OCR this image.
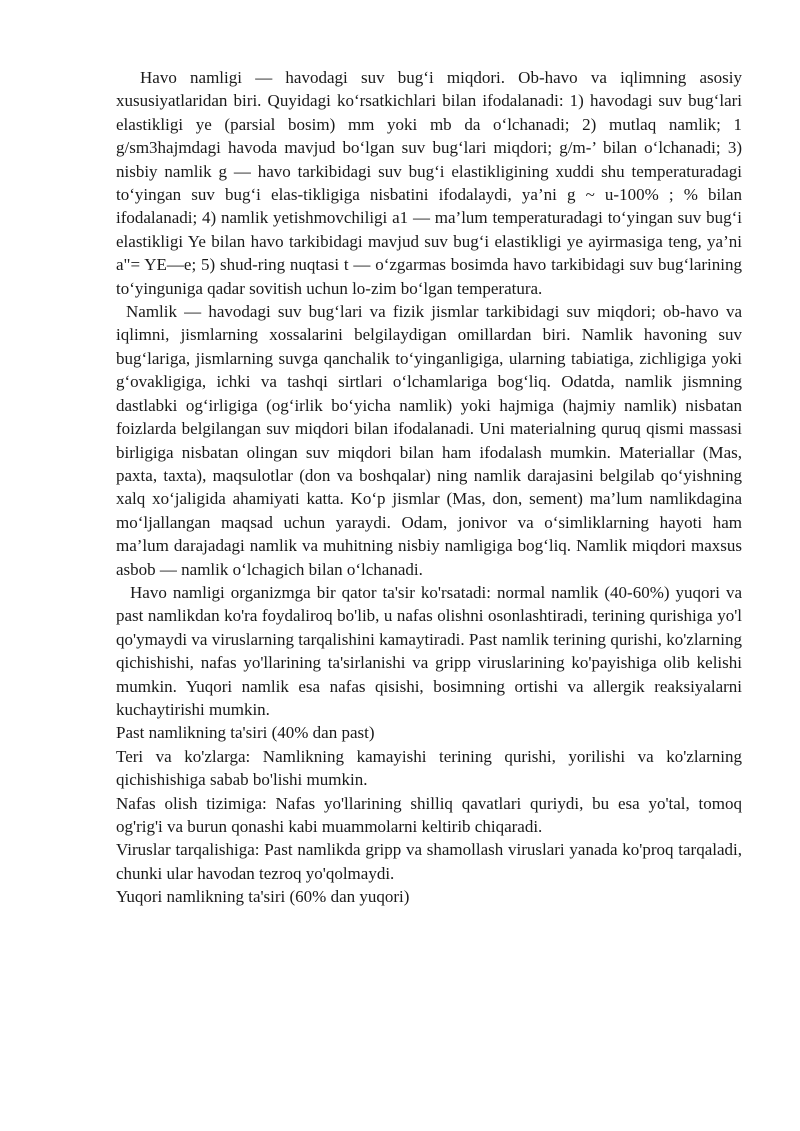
Havo namligi — havodagi suv bug‘i miqdori. Ob-havo va iqlimning asosiy xususiyatlaridan biri. Quyidagi ko‘rsatkichlari bilan ifodalanadi: 1) havodagi suv bug‘lari elastikligi ye (parsial bosim) mm yoki mb da o‘lchanadi; 2) mutlaq namlik; 1 g/sm3hajmdagi havoda mavjud bo‘lgan suv bug‘lari miqdori; g/m-’ bilan o‘lchanadi; 3) nisbiy namlik g — havo tarkibidagi suv bug‘i elastikligining xuddi shu temperaturadagi to‘yingan suv bug‘i elas-tikligiga nisbatini ifodalaydi, ya’ni g ~ u-100% ; % bilan ifodalanadi; 4) namlik yetishmovchiligi a1 — ma’lum temperaturadagi to‘yingan suv bug‘i elastikligi Ye bilan havo tarkibidagi mavjud suv bug‘i elastikligi ye ayirmasiga teng, ya’ni a"= YE—e; 5) shud-ring nuqtasi t — o‘zgarmas bosimda havo tarkibidagi suv bug‘larining to‘yinguniga qadar sovitish uchun lo-zim bo‘lgan temperatura.

Namlik — havodagi suv bug‘lari va fizik jismlar tarkibidagi suv miqdori; ob-havo va iqlimni, jismlarning xossalarini belgilaydigan omillardan biri. Namlik havoning suv bug‘lariga, jismlarning suvga qanchalik to‘yinganligiga, ularning tabiatiga, zichligiga yoki g‘ovakligiga, ichki va tashqi sirtlari o‘lchamlariga bog‘liq. Odatda, namlik jismning dastlabki og‘irligiga (og‘irlik bo‘yicha namlik) yoki hajmiga (hajmiy namlik) nisbatan foizlarda belgilangan suv miqdori bilan ifodalanadi. Uni materialning quruq qismi massasi birligiga nisbatan olingan suv miqdori bilan ham ifodalash mumkin. Materiallar (Mas, paxta, taxta), maqsulotlar (don va boshqalar) ning namlik darajasini belgilab qo‘yishning xalq xo‘jaligida ahamiyati katta. Ko‘p jismlar (Mas, don, sement) ma’lum namlikdagina mo‘ljallangan maqsad uchun yaraydi. Odam, jonivor va o‘simliklarning hayoti ham ma’lum darajadagi namlik va muhitning nisbiy namligiga bog‘liq. Namlik miqdori maxsus asbob — namlik o‘lchagich bilan o‘lchanadi.

Havo namligi organizmga bir qator ta'sir ko'rsatadi: normal namlik (40-60%) yuqori va past namlikdan ko'ra foydaliroq bo'lib, u nafas olishni osonlashtiradi, terining qurishiga yo'l qo'ymaydi va viruslarning tarqalishini kamaytiradi. Past namlik terining qurishi, ko'zlarning qichishishi, nafas yo'llarining ta'sirlanishi va gripp viruslarining ko'payishiga olib kelishi mumkin. Yuqori namlik esa nafas qisishi, bosimning ortishi va allergik reaksiyalarni kuchaytirishi mumkin.

Past namlikning ta'siri (40% dan past)

Teri va ko'zlarga: Namlikning kamayishi terining qurishi, yorilishi va ko'zlarning qichishishiga sabab bo'lishi mumkin.

Nafas olish tizimiga: Nafas yo'llarining shilliq qavatlari quriydi, bu esa yo'tal, tomoq og'rig'i va burun qonashi kabi muammolarni keltirib chiqaradi.

Viruslar tarqalishiga: Past namlikda gripp va shamollash viruslari yanada ko'proq tarqaladi, chunki ular havodan tezroq yo'qolmaydi.

Yuqori namlikning ta'siri (60% dan yuqori)
